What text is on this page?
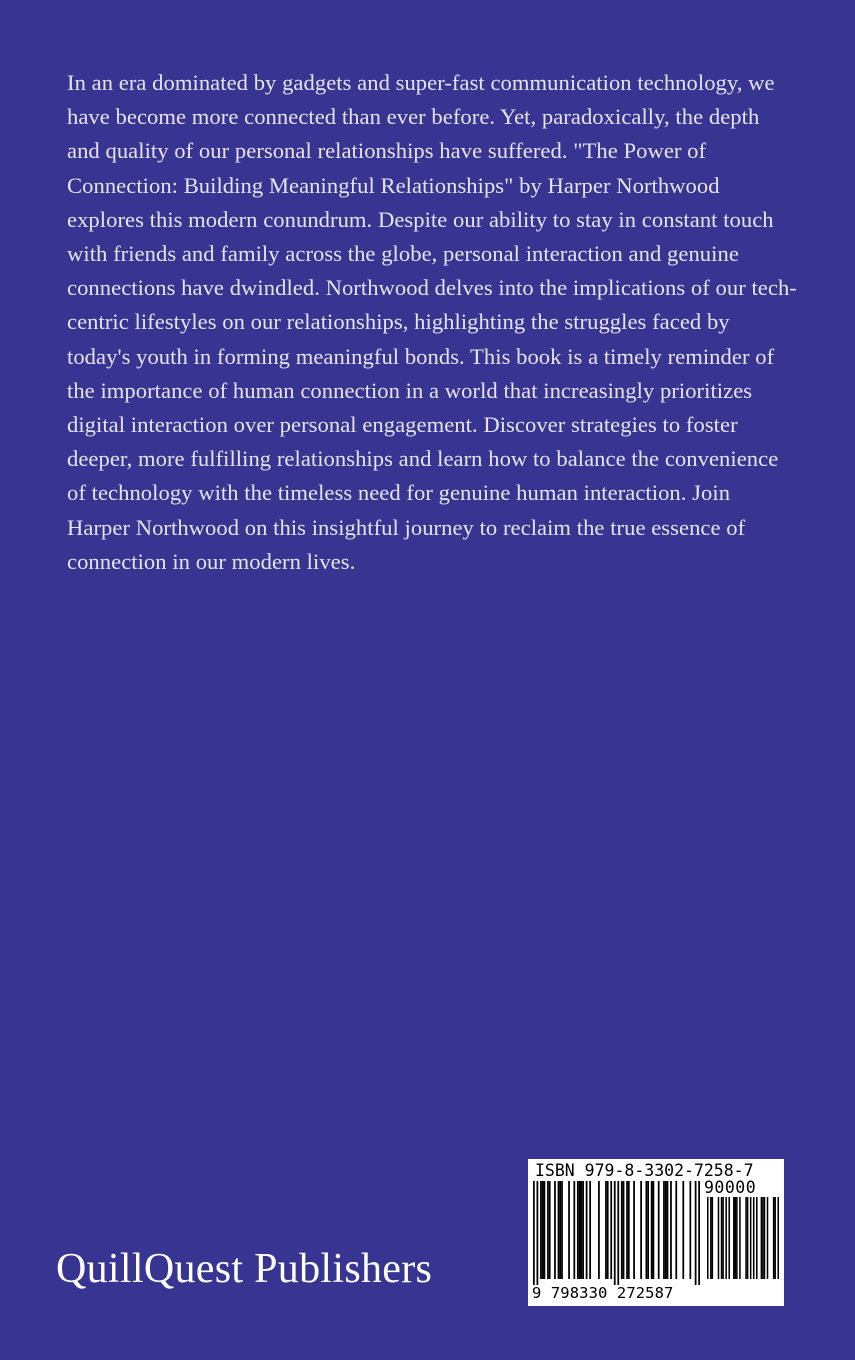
In an era dominated by gadgets and super-fast communication technology, we have become more connected than ever before. Yet, paradoxically, the depth and quality of our personal relationships have suffered. "The Power of Connection: Building Meaningful Relationships" by Harper Northwood explores this modern conundrum. Despite our ability to stay in constant touch with friends and family across the globe, personal interaction and genuine connections have dwindled. Northwood delves into the implications of our tech-centric lifestyles on our relationships, highlighting the struggles faced by today's youth in forming meaningful bonds. This book is a timely reminder of the importance of human connection in a world that increasingly prioritizes digital interaction over personal engagement. Discover strategies to foster deeper, more fulfilling relationships and learn how to balance the convenience of technology with the timeless need for genuine human interaction. Join Harper Northwood on this insightful journey to reclaim the true essence of connection in our modern lives.

QuillQuest Publishers
ISBN 979-8-3302-7258-7
90000
9 798330 272587
